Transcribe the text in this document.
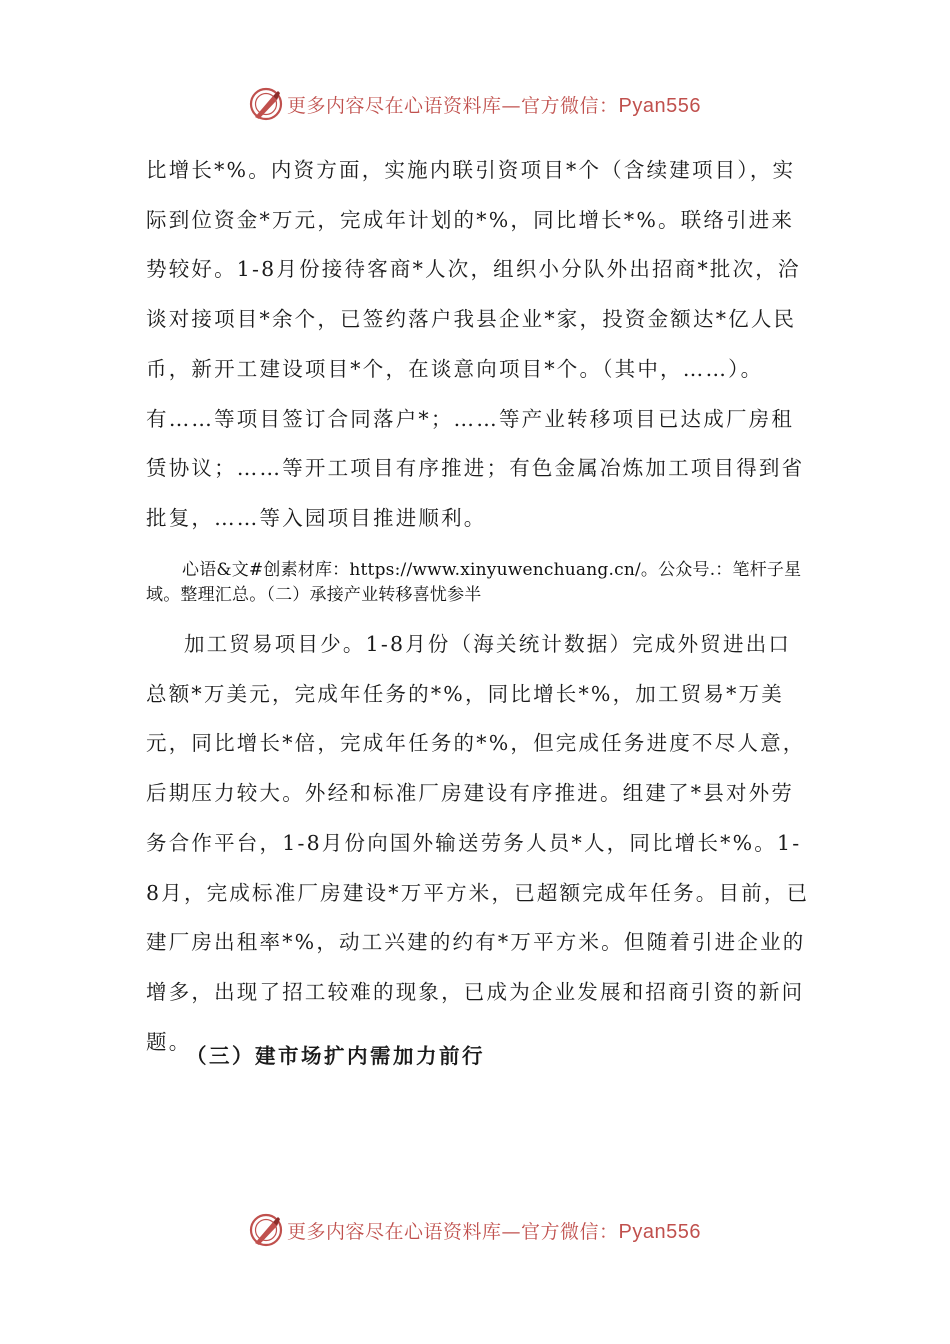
更多内容尽在心语资料库—官方微信：Pyan556

比增长*%。内资方面，实施内联引资项目*个（含续建项目），实际到位资金*万元，完成年计划的*%，同比增长*%。联络引进来势较好。1-8月份接待客商*人次，组织小分队外出招商*批次，洽谈对接项目*余个，已签约落户我县企业*家，投资金额达*亿人民币，新开工建设项目*个，在谈意向项目*个。（其中，……）。有……等项目签订合同落户*；……等产业转移项目已达成厂房租赁协议；……等开工项目有序推进；有色金属冶炼加工项目得到省批复，……等入园项目推进顺利。

心语&文#创素材库：https://www.xinyuwenchuang.cn/。公众号.：笔杆子星域。整理汇总。（二）承接产业转移喜忧参半

加工贸易项目少。1-8月份（海关统计数据）完成外贸进出口总额*万美元，完成年任务的*%，同比增长*%，加工贸易*万美元，同比增长*倍，完成年任务的*%，但完成任务进度不尽人意，后期压力较大。外经和标准厂房建设有序推进。组建了*县对外劳务合作平台，1-8月份向国外输送劳务人员*人，同比增长*%。1-8月，完成标准厂房建设*万平方米，已超额完成年任务。目前，已建厂房出租率*%，动工兴建的约有*万平方米。但随着引进企业的增多，出现了招工较难的现象，已成为企业发展和招商引资的新问题。

（三）建市场扩内需加力前行

更多内容尽在心语资料库—官方微信：Pyan556
